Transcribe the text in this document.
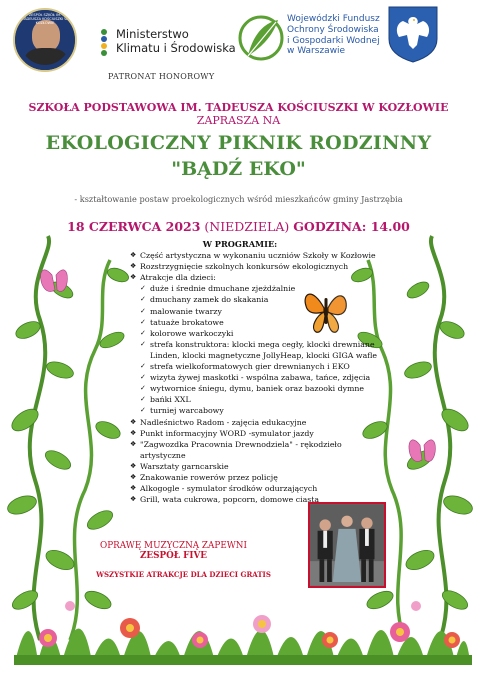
ZESPÓŁ SZKÓŁ IM. TADEUSZA KOŚCIUSZKI W KOZŁOWIE
Ministerstwo
Klimatu i Środowiska
PATRONAT HONOROWY
Wojewódzki Fundusz
Ochrony Środowiska
i Gospodarki Wodnej
w Warszawie
SZKOŁA PODSTAWOWA IM. TADEUSZA KOŚCIUSZKI W KOZŁOWIE
ZAPRASZA NA
EKOLOGICZNY PIKNIK RODZINNY
"BĄDŹ EKO"
- kształtowanie postaw proekologicznych wśród mieszkańców gminy Jastrzębia
18 CZERWCA 2023 (NIEDZIELA) GODZINA: 14.00
W PROGRAMIE:
❖ Część artystyczna w wykonaniu uczniów Szkoły w Kozłowie
❖ Rozstrzygnięcie szkolnych konkursów ekologicznych
❖ Atrakcje dla dzieci:
✓ duże i średnie dmuchane zjeżdżalnie
✓ dmuchany zamek do skakania
✓ malowanie twarzy
✓ tatuaże brokatowe
✓ kolorowe warkoczyki
✓ strefa konstruktora: klocki mega cegły, klocki drewniane
Linden, klocki magnetyczne JollyHeap, klocki GIGA wafle
✓ strefa wielkoformatowych gier drewnianych i EKO
✓ wizyta żywej maskotki - wspólna zabawa, tańce, zdjęcia
✓ wytwornice śniegu, dymu, baniek oraz bazooki dymne
✓ bańki XXL
✓ turniej warcabowy
❖ Nadleśnictwo Radom - zajęcia edukacyjne
❖ Punkt informacyjny WORD -symulator jazdy
❖ "Zagwozdka Pracownia Drewnodziela" - rękodzieło
artystyczne
❖ Warsztaty garncarskie
❖ Znakowanie rowerów przez policję
❖ Alkogogle - symulator środków odurzających
❖ Grill, wata cukrowa, popcorn, domowe ciasta
OPRAWĘ MUZYCZNĄ ZAPEWNI
ZESPÓŁ FIVE
WSZYSTKIE ATRAKCJE DLA DZIECI GRATIS
